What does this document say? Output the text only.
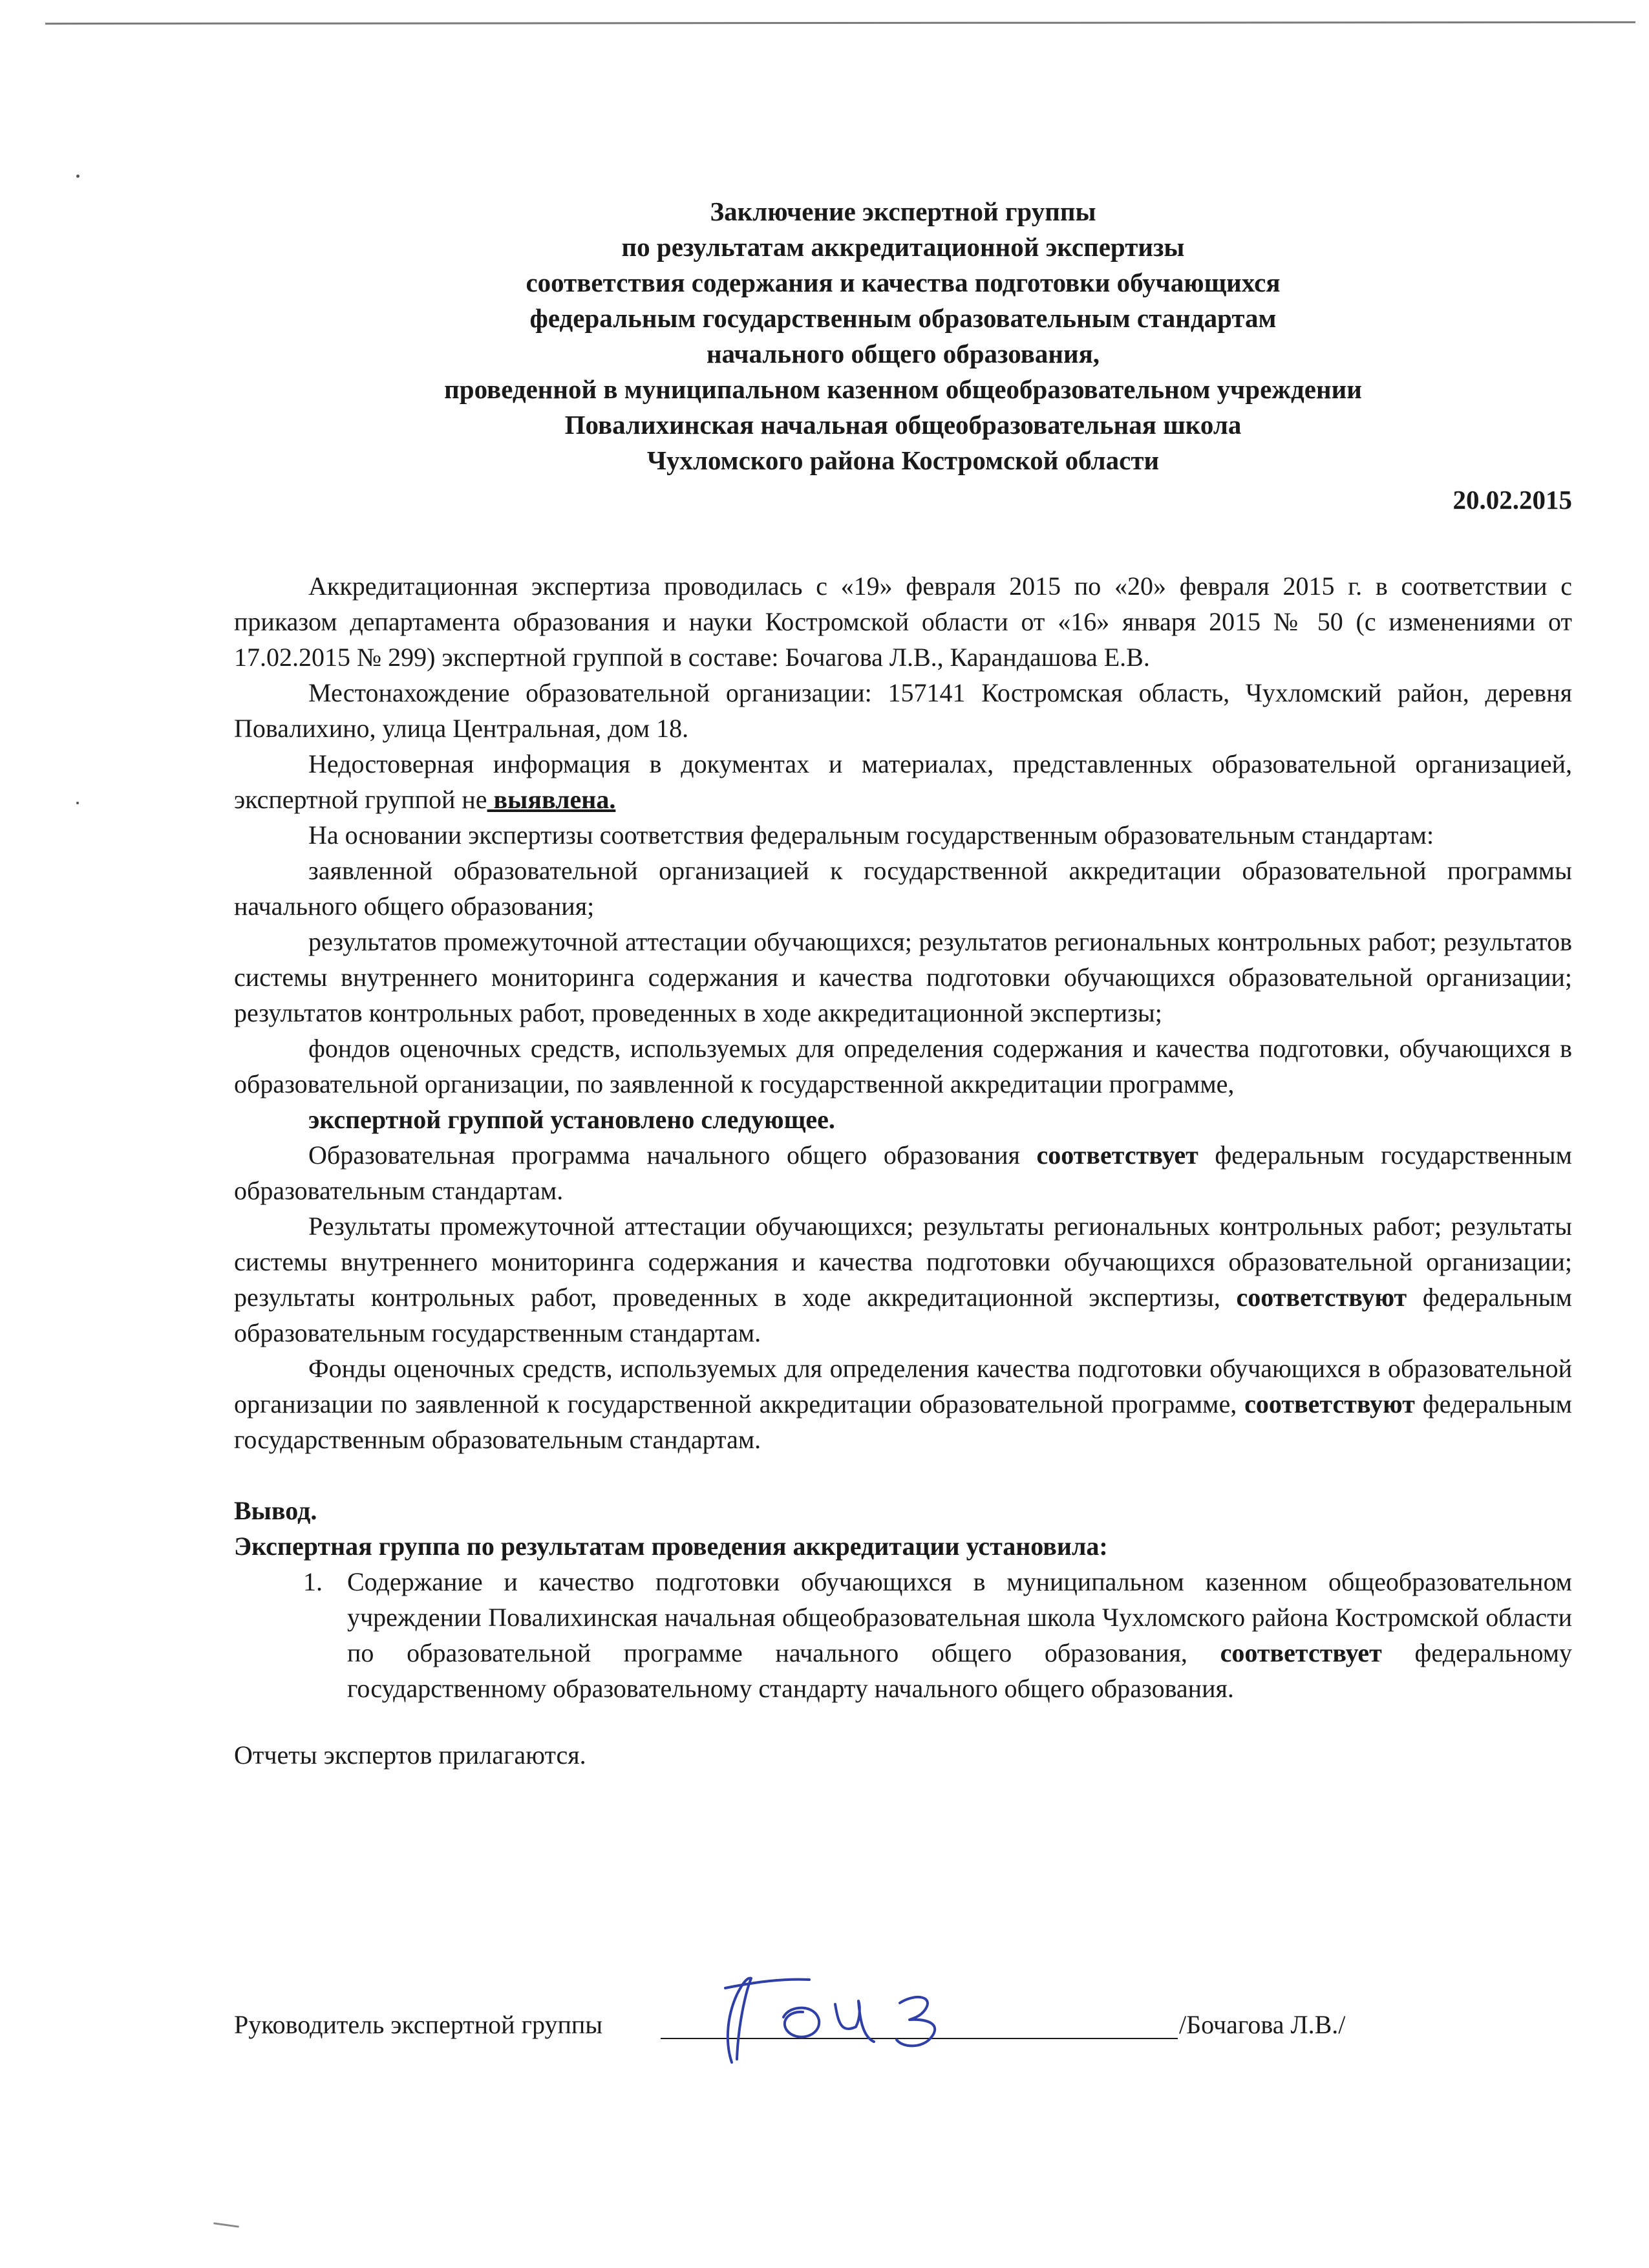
Заключение экспертной группы
по результатам аккредитационной экспертизы
соответствия содержания и качества подготовки обучающихся
федеральным государственным образовательным стандартам
начального общего образования,
проведенной в муниципальном казенном общеобразовательном учреждении
Повалихинская начальная общеобразовательная школа
Чухломского района Костромской области
20.02.2015

Аккредитационная экспертиза проводилась с «19» февраля 2015 по «20» февраля 2015 г. в соответствии с приказом департамента образования и науки Костромской области от «16» января 2015 № 50 (с изменениями от 17.02.2015 № 299) экспертной группой в составе: Бочагова Л.В., Карандашова Е.В.

Местонахождение образовательной организации: 157141 Костромская область, Чухломский район, деревня Повалихино, улица Центральная, дом 18.

Недостоверная информация в документах и материалах, представленных образовательной организацией, экспертной группой не выявлена.

На основании экспертизы соответствия федеральным государственным образовательным стандартам:

заявленной образовательной организацией к государственной аккредитации образовательной программы начального общего образования;

результатов промежуточной аттестации обучающихся; результатов региональных контрольных работ; результатов системы внутреннего мониторинга содержания и качества подготовки обучающихся образовательной организации; результатов контрольных работ, проведенных в ходе аккредитационной экспертизы;

фондов оценочных средств, используемых для определения содержания и качества подготовки, обучающихся в образовательной организации, по заявленной к государственной аккредитации программе,

экспертной группой установлено следующее.

Образовательная программа начального общего образования соответствует федеральным государственным образовательным стандартам.

Результаты промежуточной аттестации обучающихся; результаты региональных контрольных работ; результаты системы внутреннего мониторинга содержания и качества подготовки обучающихся образовательной организации; результаты контрольных работ, проведенных в ходе аккредитационной экспертизы, соответствуют федеральным образовательным государственным стандартам.

Фонды оценочных средств, используемых для определения качества подготовки обучающихся в образовательной организации по заявленной к государственной аккредитации образовательной программе, соответствуют федеральным государственным образовательным стандартам.

Вывод.
Экспертная группа по результатам проведения аккредитации установила:
1. Содержание и качество подготовки обучающихся в муниципальном казенном общеобразовательном учреждении Повалихинская начальная общеобразовательная школа Чухломского района Костромской области по образовательной программе начального общего образования, соответствует федеральному государственному образовательному стандарту начального общего образования.
Отчеты экспертов прилагаются.
Руководитель экспертной группы	/Бочагова Л.В./
